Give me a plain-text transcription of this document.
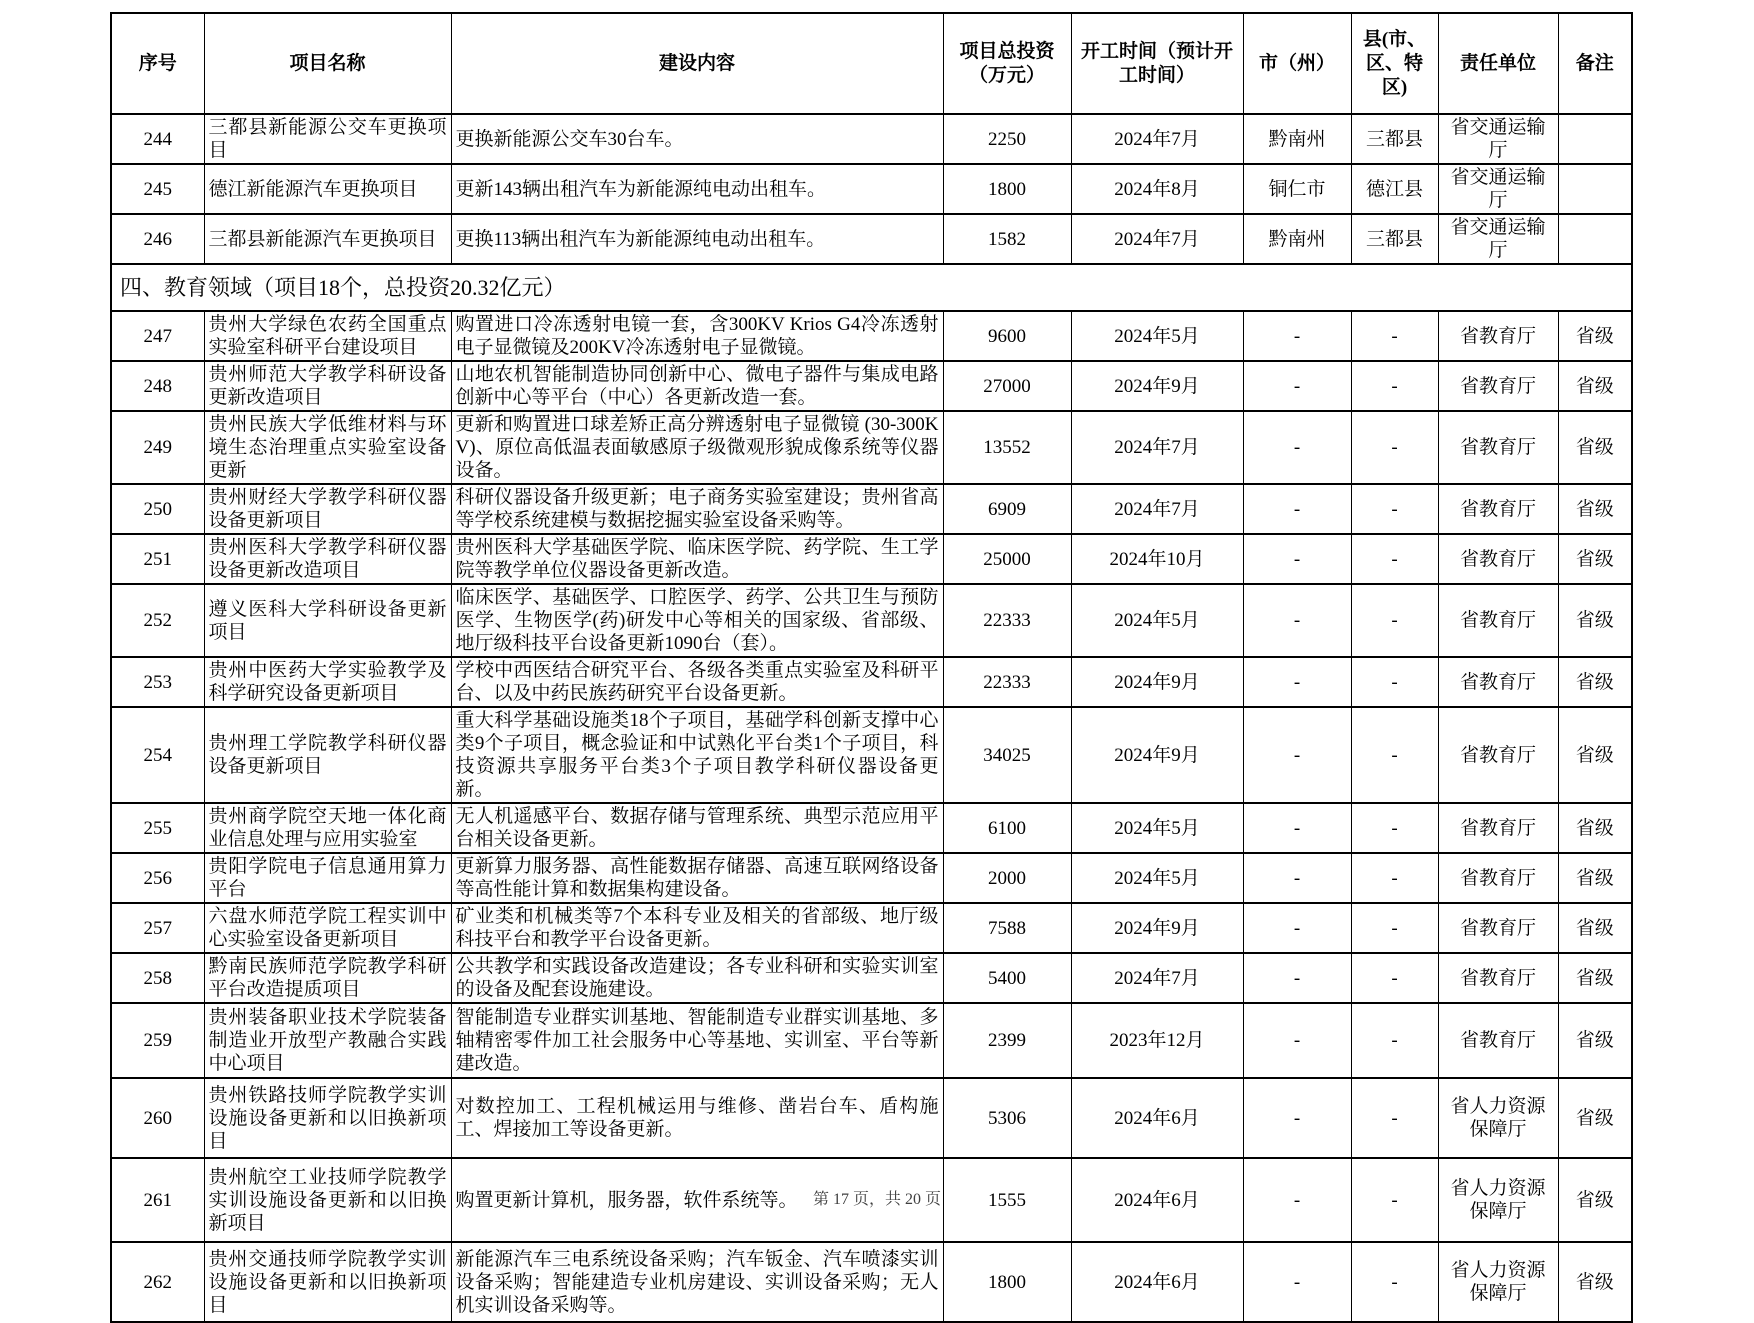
序号	项目名称	建设内容	项目总投资（万元）	开工时间（预计开工时间）	市（州）	县(市、区、特区)	责任单位	备注
244	三都县新能源公交车更换项目	更换新能源公交车30台车。	2250	2024年7月	黔南州	三都县	省交通运输厅	
245	德江新能源汽车更换项目	更新143辆出租汽车为新能源纯电动出租车。	1800	2024年8月	铜仁市	德江县	省交通运输厅	
246	三都县新能源汽车更换项目	更换113辆出租汽车为新能源纯电动出租车。	1582	2024年7月	黔南州	三都县	省交通运输厅	
四、教育领域（项目18个，总投资20.32亿元）								
247	贵州大学绿色农药全国重点实验室科研平台建设项目	购置进口冷冻透射电镜一套，含300KV Krios G4冷冻透射电子显微镜及200KV冷冻透射电子显微镜。	9600	2024年5月	-	-	省教育厅	省级
248	贵州师范大学教学科研设备更新改造项目	山地农机智能制造协同创新中心、微电子器件与集成电路创新中心等平台（中心）各更新改造一套。	27000	2024年9月	-	-	省教育厅	省级
249	贵州民族大学低维材料与环境生态治理重点实验室设备更新	更新和购置进口球差矫正高分辨透射电子显微镜 (30-300KV)、原位高低温表面敏感原子级微观形貌成像系统等仪器设备。	13552	2024年7月	-	-	省教育厅	省级
250	贵州财经大学教学科研仪器设备更新项目	科研仪器设备升级更新；电子商务实验室建设；贵州省高等学校系统建模与数据挖掘实验室设备采购等。	6909	2024年7月	-	-	省教育厅	省级
251	贵州医科大学教学科研仪器设备更新改造项目	贵州医科大学基础医学院、临床医学院、药学院、生工学院等教学单位仪器设备更新改造。	25000	2024年10月	-	-	省教育厅	省级
252	遵义医科大学科研设备更新项目	临床医学、基础医学、口腔医学、药学、公共卫生与预防医学、生物医学(药)研发中心等相关的国家级、省部级、地厅级科技平台设备更新1090台（套）。	22333	2024年5月	-	-	省教育厅	省级
253	贵州中医药大学实验教学及科学研究设备更新项目	学校中西医结合研究平台、各级各类重点实验室及科研平台、以及中药民族药研究平台设备更新。	22333	2024年9月	-	-	省教育厅	省级
254	贵州理工学院教学科研仪器设备更新项目	重大科学基础设施类18个子项目，基础学科创新支撑中心类9个子项目，概念验证和中试熟化平台类1个子项目，科技资源共享服务平台类3个子项目教学科研仪器设备更新。	34025	2024年9月	-	-	省教育厅	省级
255	贵州商学院空天地一体化商业信息处理与应用实验室	无人机遥感平台、数据存储与管理系统、典型示范应用平台相关设备更新。	6100	2024年5月	-	-	省教育厅	省级
256	贵阳学院电子信息通用算力平台	更新算力服务器、高性能数据存储器、高速互联网络设备等高性能计算和数据集构建设备。	2000	2024年5月	-	-	省教育厅	省级
257	六盘水师范学院工程实训中心实验室设备更新项目	矿业类和机械类等7个本科专业及相关的省部级、地厅级科技平台和教学平台设备更新。	7588	2024年9月	-	-	省教育厅	省级
258	黔南民族师范学院教学科研平台改造提质项目	公共教学和实践设备改造建设；各专业科研和实验实训室的设备及配套设施建设。	5400	2024年7月	-	-	省教育厅	省级
259	贵州装备职业技术学院装备制造业开放型产教融合实践中心项目	智能制造专业群实训基地、智能制造专业群实训基地、多轴精密零件加工社会服务中心等基地、实训室、平台等新建改造。	2399	2023年12月	-	-	省教育厅	省级
260	贵州铁路技师学院教学实训设施设备更新和以旧换新项目	对数控加工、工程机械运用与维修、凿岩台车、盾构施工、焊接加工等设备更新。	5306	2024年6月	-	-	省人力资源保障厅	省级
261	贵州航空工业技师学院教学实训设施设备更新和以旧换新项目	购置更新计算机，服务器，软件系统等。	1555	2024年6月	-	-	省人力资源保障厅	省级
262	贵州交通技师学院教学实训设施设备更新和以旧换新项目	新能源汽车三电系统设备采购；汽车钣金、汽车喷漆实训设备采购；智能建造专业机房建设、实训设备采购；无人机实训设备采购等。	1800	2024年6月	-	-	省人力资源保障厅	省级
第 17 页，共 20 页
